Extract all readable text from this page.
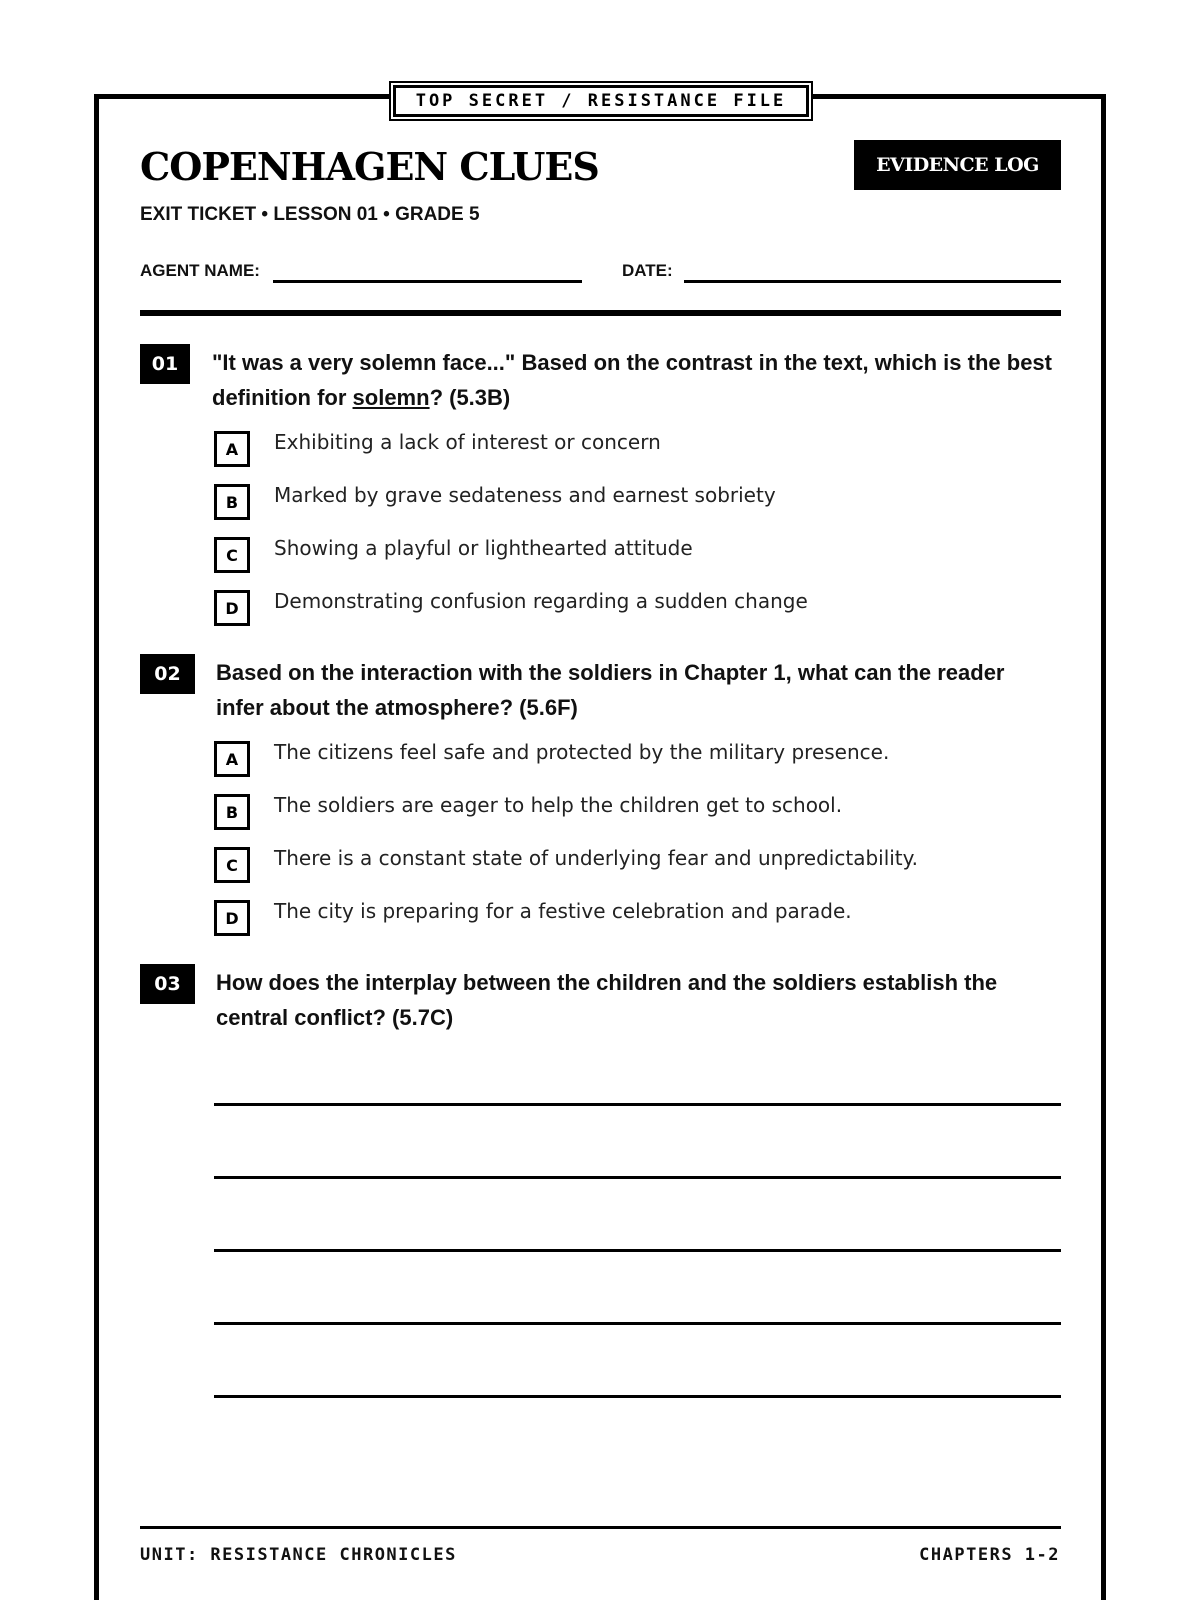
TOP SECRET / RESISTANCE FILE
COPENHAGEN CLUES	EVIDENCE LOG
EXIT TICKET • LESSON 01 • GRADE 5
AGENT NAME:	DATE:
01	"It was a very solemn face..." Based on the contrast in the text, which is the best definition for solemn? (5.3B)
A	Exhibiting a lack of interest or concern
B	Marked by grave sedateness and earnest sobriety
C	Showing a playful or lighthearted attitude
D	Demonstrating confusion regarding a sudden change
02	Based on the interaction with the soldiers in Chapter 1, what can the reader infer about the atmosphere? (5.6F)
A	The citizens feel safe and protected by the military presence.
B	The soldiers are eager to help the children get to school.
C	There is a constant state of underlying fear and unpredictability.
D	The city is preparing for a festive celebration and parade.
03	How does the interplay between the children and the soldiers establish the central conflict? (5.7C)
UNIT: RESISTANCE CHRONICLES	CHAPTERS 1-2
